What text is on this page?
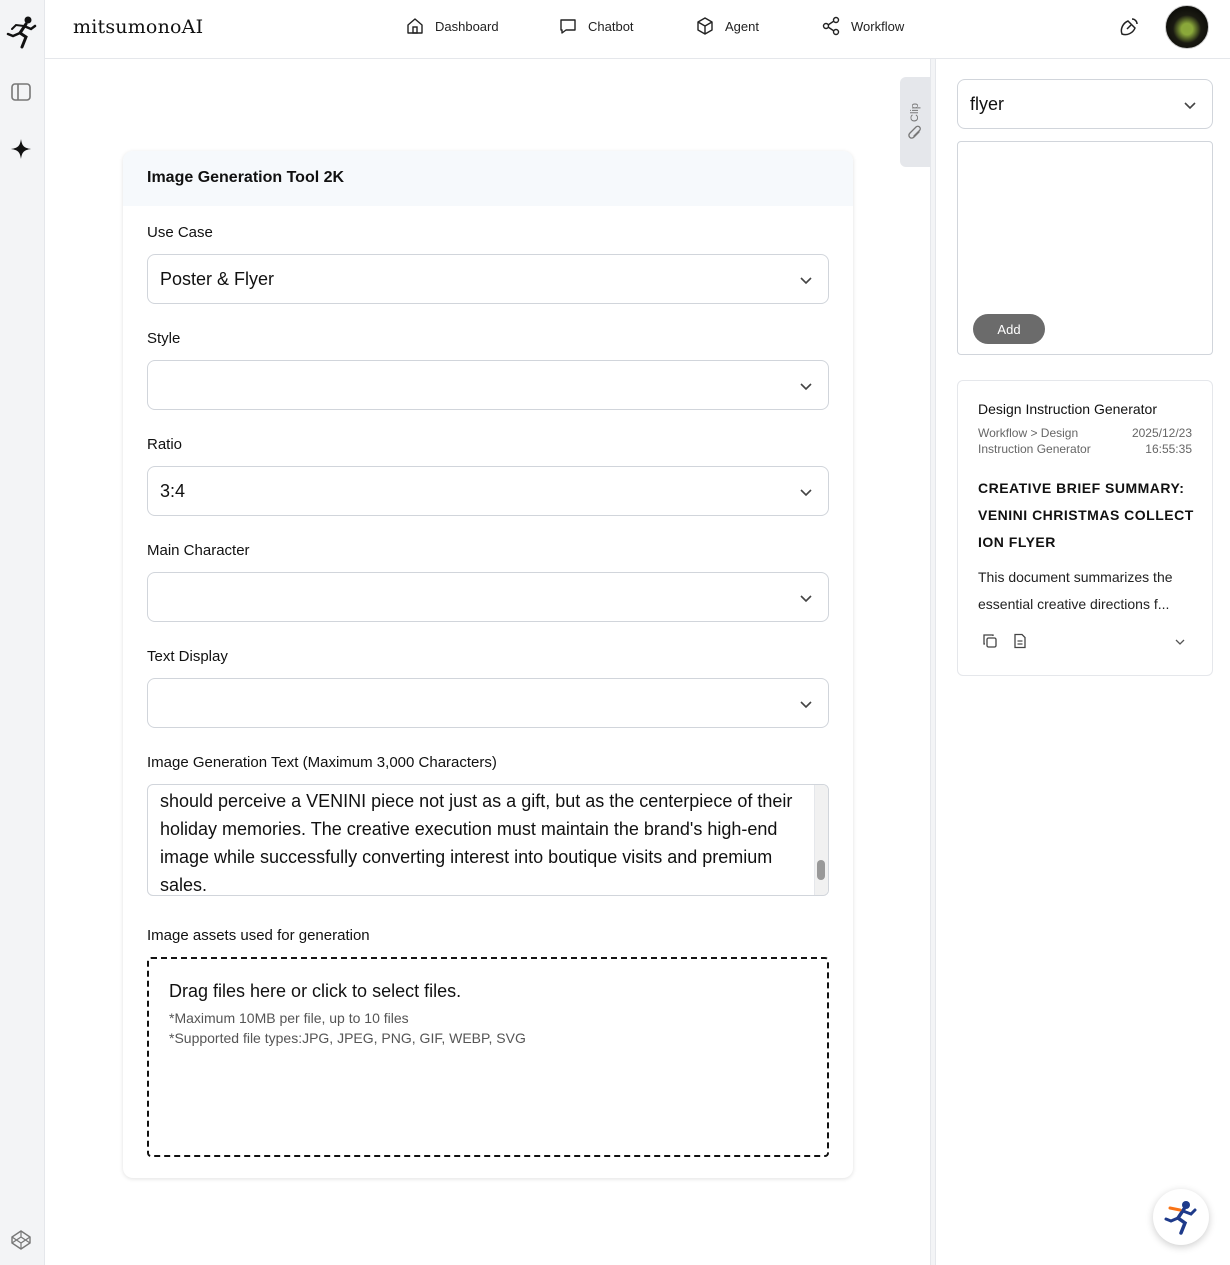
mitsumonoAI	Dashboard	Chatbot	Agent	Workflow
Image Generation Tool 2K
Use Case
Poster & Flyer
Style
Ratio
3:4
Main Character
Text Display
Image Generation Text (Maximum 3,000 Characters)
should perceive a VENINI piece not just as a gift, but as the centerpiece of their holiday memories. The creative execution must maintain the brand's high-end image while successfully converting interest into boutique visits and premium sales.
Image assets used for generation
Drag files here or click to select files.
*Maximum 10MB per file, up to 10 files
*Supported file types:JPG, JPEG, PNG, GIF, WEBP, SVG
Clip	flyer
Add
Design Instruction Generator
Workflow > Design Instruction Generator
2025/12/23 16:55:35
CREATIVE BRIEF SUMMARY: VENINI CHRISTMAS COLLECTION FLYER
This document summarizes the essential creative directions f...
